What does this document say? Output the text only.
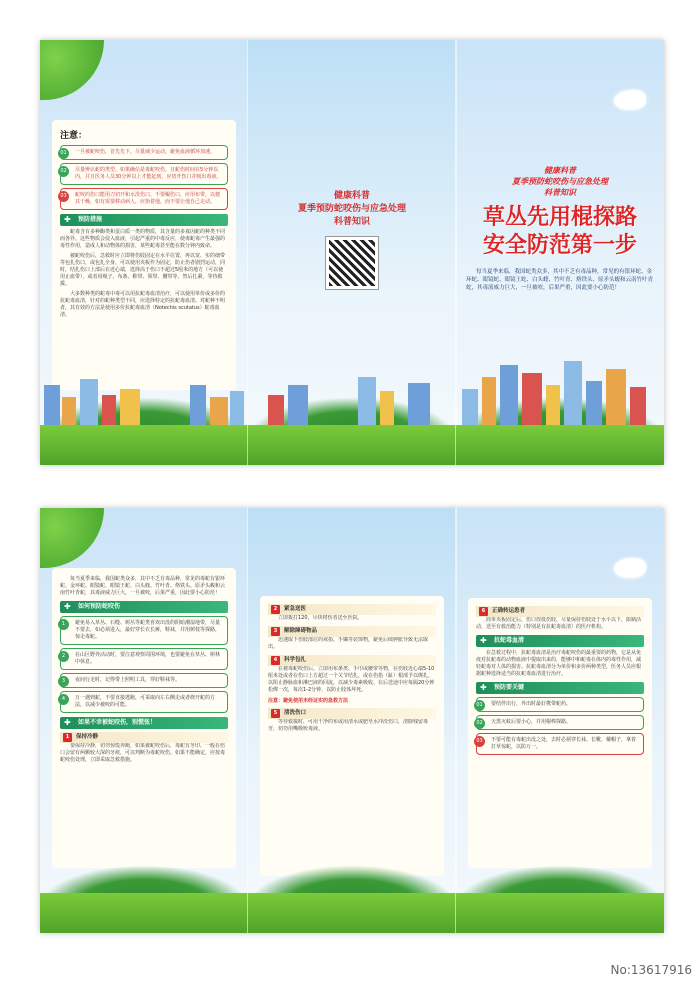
注意：
01	一旦被蛇咬伤，首先先下，尽量减少运动，避免血液循环加速。
02	尽量辨认蛇的类型。如果确信是毒蛇咬伤，且蛇伤时间在5分钟以内，并且医务人员30分钟以上才能赶到，应切开伤口并吸出毒液。
03	蛇咬的伤口能用刀切开和水洗伤口，不要嘬伤口，应用布带，以便其干燥，如有需要移动病人，应抬着他，而不要让他自己走动。
✚ 预防措施

蛇毒含有多种酶类和蛋白质一类的物质，其含量的多寡因蛇的种类不同而各异。这些物质会侵入血液，引起严重的中毒反应，使毒蛇毒产生最强的毒性作用，造成人和动物体的损害，某些蛇毒甚至能在数分钟内致命。

被蛇咬伤后，急救时应立即将伤肢固定在水平位置，再以宽、实的细带等包扎伤口，或包扎全身，可以使用夹板作为固定，防止伤者剧烈运动，同时，结扎伤口上部后在近心端，选择高于伤口不超过5厘米的地方（可以使用止血带），或者用绳子、布条、鞋带、领带、腰带等，然后扎紧，等待救援。

大多数种类的蛇毒中毒可以用抗蛇毒血清治疗，可以使用单价或多价的抗蛇毒血清，针对的蛇种类型不同，应选择特定的抗蛇毒血清。对蛇种不明者，其有效的方法是使用多价抗蛇毒血清（Notechis scutatus）蛇毒血清。

健康科普
夏季预防蛇咬伤与应急处理
科普知识
健康科普
夏季预防蛇咬伤与应急处理
科普知识
草丛先用棍探路
安全防范第一步

每当夏季来临，我国蛇类众多，其中不乏有毒品种，常见的有银环蛇、金环蛇、眼镜蛇、眼镜王蛇、白头蝰、竹叶青、烙铁头、原矛头蝮和云南竹叶青蛇，其毒液威力巨大，一旦被咬，后果严重，因此要小心防范！

每当夏季来临，我国蛇类众多，其中不乏有毒品种，常见的毒蛇有银环蛇、金环蛇、眼镜蛇、眼镜王蛇、白头蝰、竹叶青、烙铁头、原矛头蝮和云南竹叶青蛇，其毒液威力巨大，一旦被咬，后果严重，因此要小心防范！

✚ 如何预防蛇咬伤
1	避免易入草丛、石缝、树丛等蛇类喜欢出没的阴暗潮湿地带，尽量不要去，如必须进入，最好穿长衣长裤，鞋袜，并用树枝等探路，惊走毒蛇。
2	在山区野外活动时，要注意观察周围环境，也要避免在草丛、树林中休息。
3	夜间行走时，记得带上照明工具，穿好鞋袜等。
4	万一遇到蛇，不要直接逃跑，可采取向左右侧走或者绕开蛇的方法，以减少被咬的可能。
✚ 如果不幸被蛇咬伤，别慌张！
1	保持冷静

要保持冷静，切勿惊慌奔跑，如果被蛇咬伤后，毒蛇有牙印，一般在伤口会留有两颗较大深的牙痕，可以判断为毒蛇咬伤。如果不能确定，应按毒蛇咬伤处理，立即采取急救措施。

2	紧急送医

立即拨打120，尽快将伤者送至医院。

3	解除障碍物品

迅速取下伤肢部位的戒指、手镯等装饰物，避免后续肿胀导致无法取出。

4	科学包扎

在被毒蛇咬伤后，立即用布条类、手巾或腰带等物，在伤肢近心端5-10厘米处或者在伤口上方超过一个关节结扎，或在伤指（趾）根部予以绑扎，以阻止静脉血和淋巴液的回流，以减少毒素吸收。在后送途中应每隔20分钟松绑一次，每次1-2分钟，以防止肢体坏死。

注意：避免使用未经证实的急救方法
5	清洗伤口

等待救援时，可用干净的布或用清水或肥皂水冲洗伤口，清除残留毒牙，切勿用嘴吸吮毒液。

6	正确转运患者

简单夹板固定后，伤口放低伤肢，尽量保持伤肢处于水平以下，限制活动，送至有救治能力（特别是有抗蛇毒血清）的医疗机构。

✚ 抗蛇毒血清

在急救过程中，抗蛇毒血清是治疗毒蛇咬伤的最重要的药物，它是从免疫对抗蛇毒的动物血液中提取出来的，能够中和蛇毒在体内的毒性作用，减轻蛇毒对人体的损害。抗蛇毒血清分为单价和多价两种类型，医务人员应根据蛇种选择适当的抗蛇毒血清进行治疗。

✚ 预防要关键
01	要结伴出行，外出时最好携带蛇药。
02	天黑灭蚊后要小心，并用棍棒探路。
03	不要可能有毒蛇出没之处，去时必须穿长袜、长靴，戴帽子，拿着打草惊蛇，以防万一。
No:13617916
